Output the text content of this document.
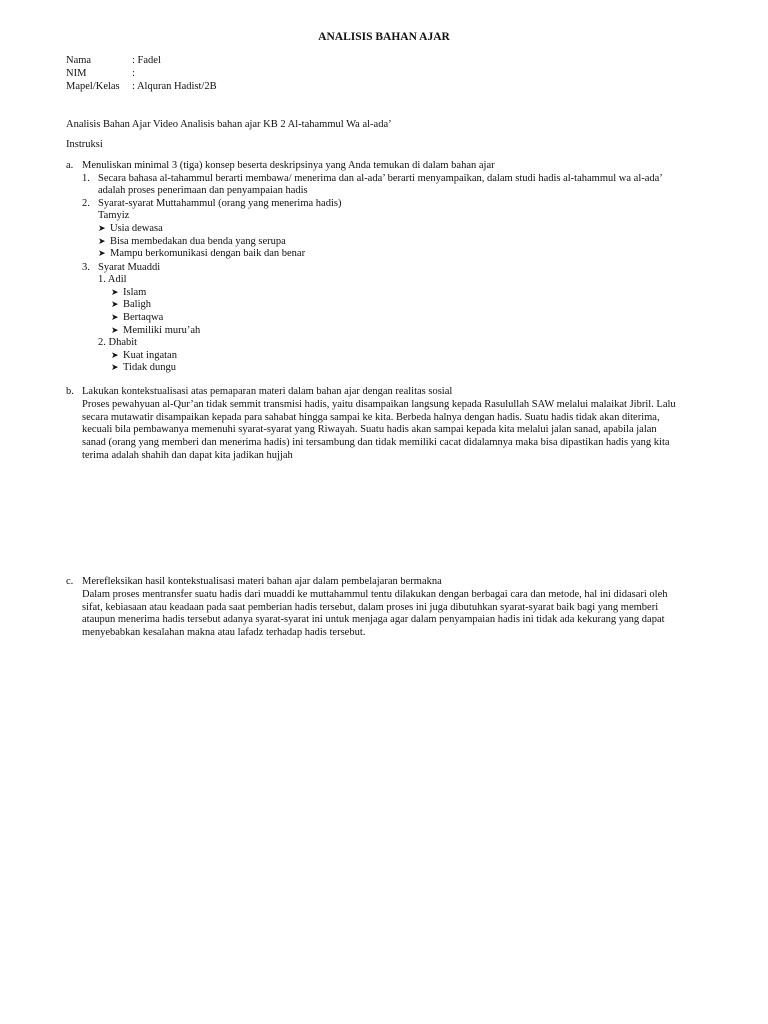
ANALISIS BAHAN AJAR
Nama	: Fadel
NIM	:
Mapel/Kelas : Alquran Hadist/2B
Analisis Bahan Ajar Video Analisis bahan ajar KB 2 Al-tahammul Wa al-ada’
Instruksi
a. Menuliskan minimal 3 (tiga) konsep beserta deskripsinya yang Anda temukan di dalam bahan ajar
1. Secara bahasa al-tahammul berarti membawa/ menerima dan al-ada’ berarti menyampaikan, dalam studi hadis al-tahammul wa al-ada’
adalah proses penerimaan dan penyampaian hadis
2. Syarat-syarat Muttahammul (orang yang menerima hadis)
Tamyiz
➤ Usia dewasa
➤ Bisa membedakan dua benda yang serupa
➤ Mampu berkomunikasi dengan baik dan benar
3. Syarat Muaddi
1. Adil
➤ Islam
➤ Baligh
➤ Bertaqwa
➤ Memiliki muru’ah
2. Dhabit
➤ Kuat ingatan
➤ Tidak dungu
b. Lakukan kontekstualisasi atas pemaparan materi dalam bahan ajar dengan realitas sosial
Proses pewahyuan al-Qur’an tidak semmit transmisi hadis, yaitu disampaikan langsung kepada Rasulullah SAW melalui malaikat Jibril. Lalu
secara mutawatir disampaikan kepada para sahabat hingga sampai ke kita. Berbeda halnya dengan hadis. Suatu hadis tidak akan diterima,
kecuali bila pembawanya memenuhi syarat-syarat yang Riwayah. Suatu hadis akan sampai kepada kita melalui jalan sanad, apabila jalan
sanad (orang yang memberi dan menerima hadis) ini tersambung dan tidak memiliki cacat didalamnya maka bisa dipastikan hadis yang kita
terima adalah shahih dan dapat kita jadikan hujjah
c. Merefleksikan hasil kontekstualisasi materi bahan ajar dalam pembelajaran bermakna
Dalam proses mentransfer suatu hadis dari muaddi ke muttahammul tentu dilakukan dengan berbagai cara dan metode, hal ini didasari oleh
sifat, kebiasaan atau keadaan pada saat pemberian hadis tersebut, dalam proses ini juga dibutuhkan syarat-syarat baik bagi yang memberi
ataupun menerima hadis tersebut adanya syarat-syarat ini untuk menjaga agar dalam penyampaian hadis ini tidak ada kekurang yang dapat
menyebabkan kesalahan makna atau lafadz terhadap hadis tersebut.
